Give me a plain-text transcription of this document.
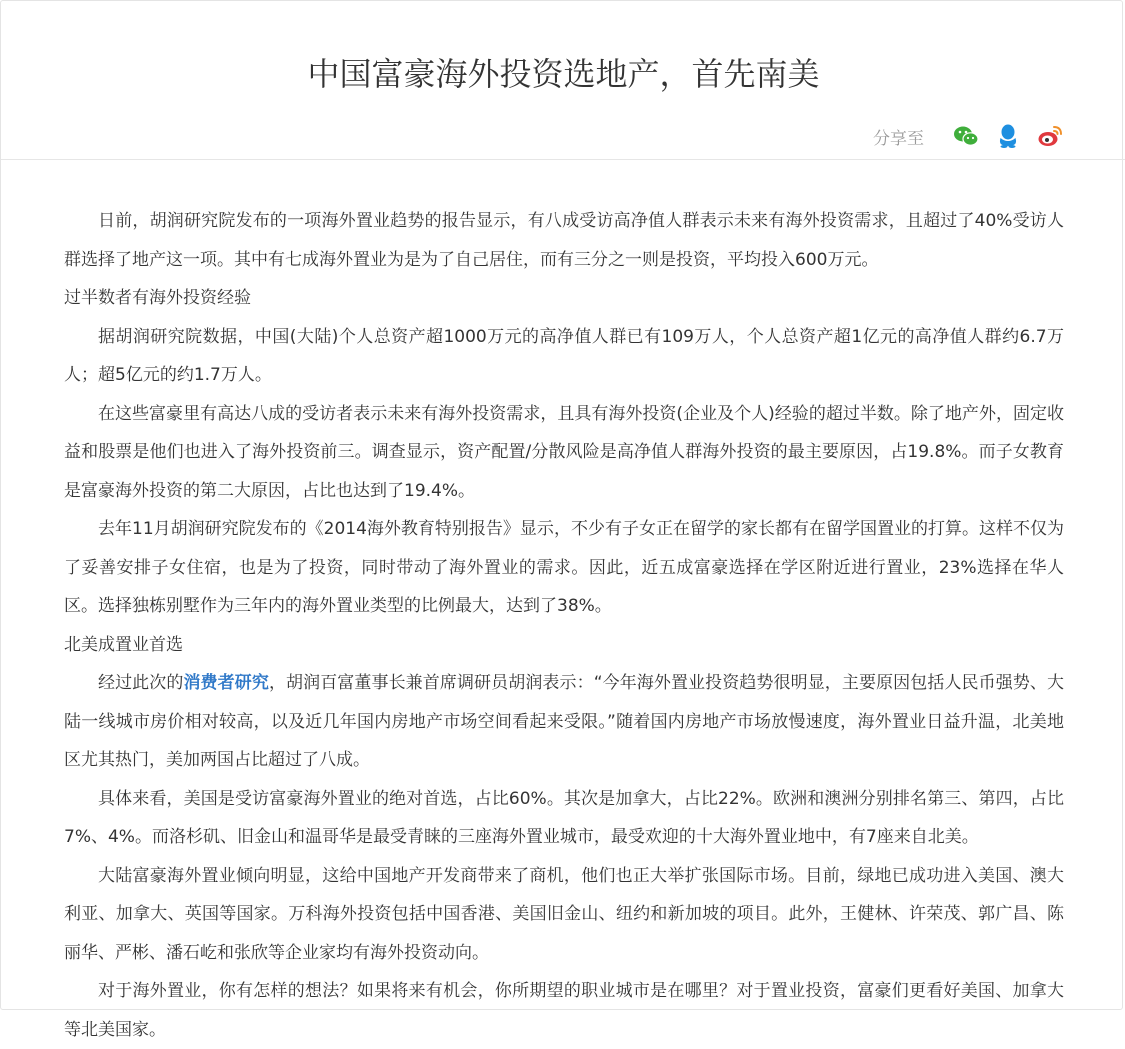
中国富豪海外投资选地产，首先南美
分享至

日前，胡润研究院发布的一项海外置业趋势的报告显示，有八成受访高净值人群表示未来有海外投资需求，且超过了40%受访人群选择了地产这一项。其中有七成海外置业为是为了自己居住，而有三分之一则是投资，平均投入600万元。

过半数者有海外投资经验

据胡润研究院数据，中国(大陆)个人总资产超1000万元的高净值人群已有109万人，个人总资产超1亿元的高净值人群约6.7万人；超5亿元的约1.7万人。

在这些富豪里有高达八成的受访者表示未来有海外投资需求，且具有海外投资(企业及个人)经验的超过半数。除了地产外，固定收益和股票是他们也进入了海外投资前三。调查显示，资产配置/分散风险是高净值人群海外投资的最主要原因，占19.8%。而子女教育是富豪海外投资的第二大原因，占比也达到了19.4%。

去年11月胡润研究院发布的《2014海外教育特别报告》显示，不少有子女正在留学的家长都有在留学国置业的打算。这样不仅为了妥善安排子女住宿，也是为了投资，同时带动了海外置业的需求。因此，近五成富豪选择在学区附近进行置业，23%选择在华人区。选择独栋别墅作为三年内的海外置业类型的比例最大，达到了38%。

北美成置业首选

经过此次的消费者研究，胡润百富董事长兼首席调研员胡润表示：“今年海外置业投资趋势很明显，主要原因包括人民币强势、大陆一线城市房价相对较高，以及近几年国内房地产市场空间看起来受限。”随着国内房地产市场放慢速度，海外置业日益升温，北美地区尤其热门，美加两国占比超过了八成。

具体来看，美国是受访富豪海外置业的绝对首选，占比60%。其次是加拿大，占比22%。欧洲和澳洲分别排名第三、第四，占比7%、4%。而洛杉矶、旧金山和温哥华是最受青睐的三座海外置业城市，最受欢迎的十大海外置业地中，有7座来自北美。

大陆富豪海外置业倾向明显，这给中国地产开发商带来了商机，他们也正大举扩张国际市场。目前，绿地已成功进入美国、澳大利亚、加拿大、英国等国家。万科海外投资包括中国香港、美国旧金山、纽约和新加坡的项目。此外，王健林、许荣茂、郭广昌、陈丽华、严彬、潘石屹和张欣等企业家均有海外投资动向。

对于海外置业，你有怎样的想法？如果将来有机会，你所期望的职业城市是在哪里？对于置业投资，富豪们更看好美国、加拿大等北美国家。
